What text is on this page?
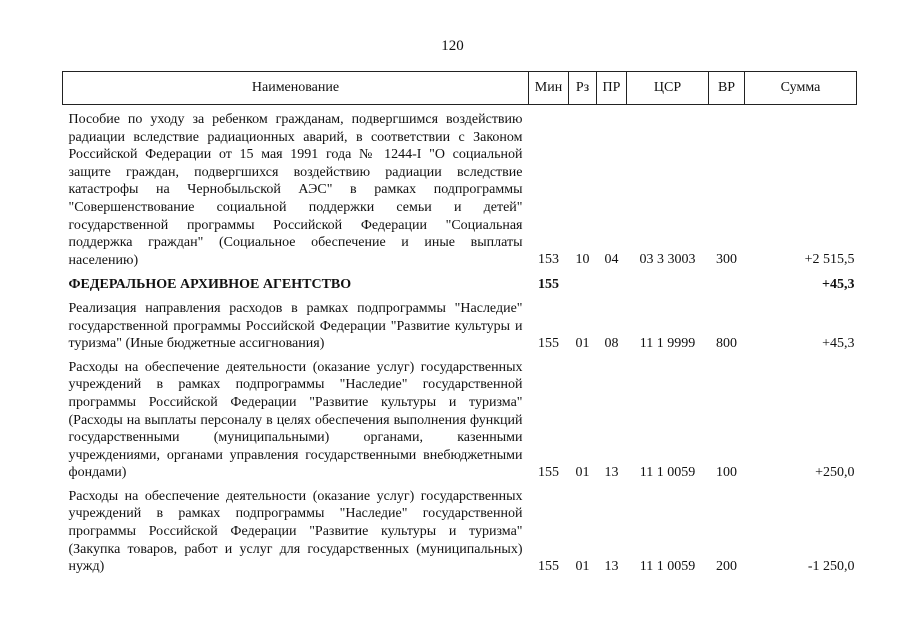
120
Наименование	Мин	Рз	ПР	ЦСР	ВР	Сумма
Пособие по уходу за ребенком гражданам, подвергшимся воздействию радиации вследствие радиационных аварий, в соответствии с Законом Российской Федерации от 15 мая 1991 года № 1244-I "О социальной защите граждан, подвергшихся воздействию радиации вследствие катастрофы на Чернобыльской АЭС" в рамках подпрограммы "Совершенствование социальной поддержки семьи и детей" государственной программы Российской Федерации "Социальная поддержка граждан" (Социальное обеспечение и иные выплаты населению)	153	10	04	03 3 3003	300	+2 515,5
ФЕДЕРАЛЬНОЕ АРХИВНОЕ АГЕНТСТВО	155					+45,3
Реализация направления расходов в рамках подпрограммы "Наследие" государственной программы Российской Федерации "Развитие культуры и туризма" (Иные бюджетные ассигнования)	155	01	08	11 1 9999	800	+45,3
Расходы на обеспечение деятельности (оказание услуг) государственных учреждений в рамках подпрограммы "Наследие" государственной программы Российской Федерации "Развитие культуры и туризма" (Расходы на выплаты персоналу в целях обеспечения выполнения функций государственными (муниципальными) органами, казенными учреждениями, органами управления государственными внебюджетными фондами)	155	01	13	11 1 0059	100	+250,0
Расходы на обеспечение деятельности (оказание услуг) государственных учреждений в рамках подпрограммы "Наследие" государственной программы Российской Федерации "Развитие культуры и туризма" (Закупка товаров, работ и услуг для государственных (муниципальных) нужд)	155	01	13	11 1 0059	200	-1 250,0
